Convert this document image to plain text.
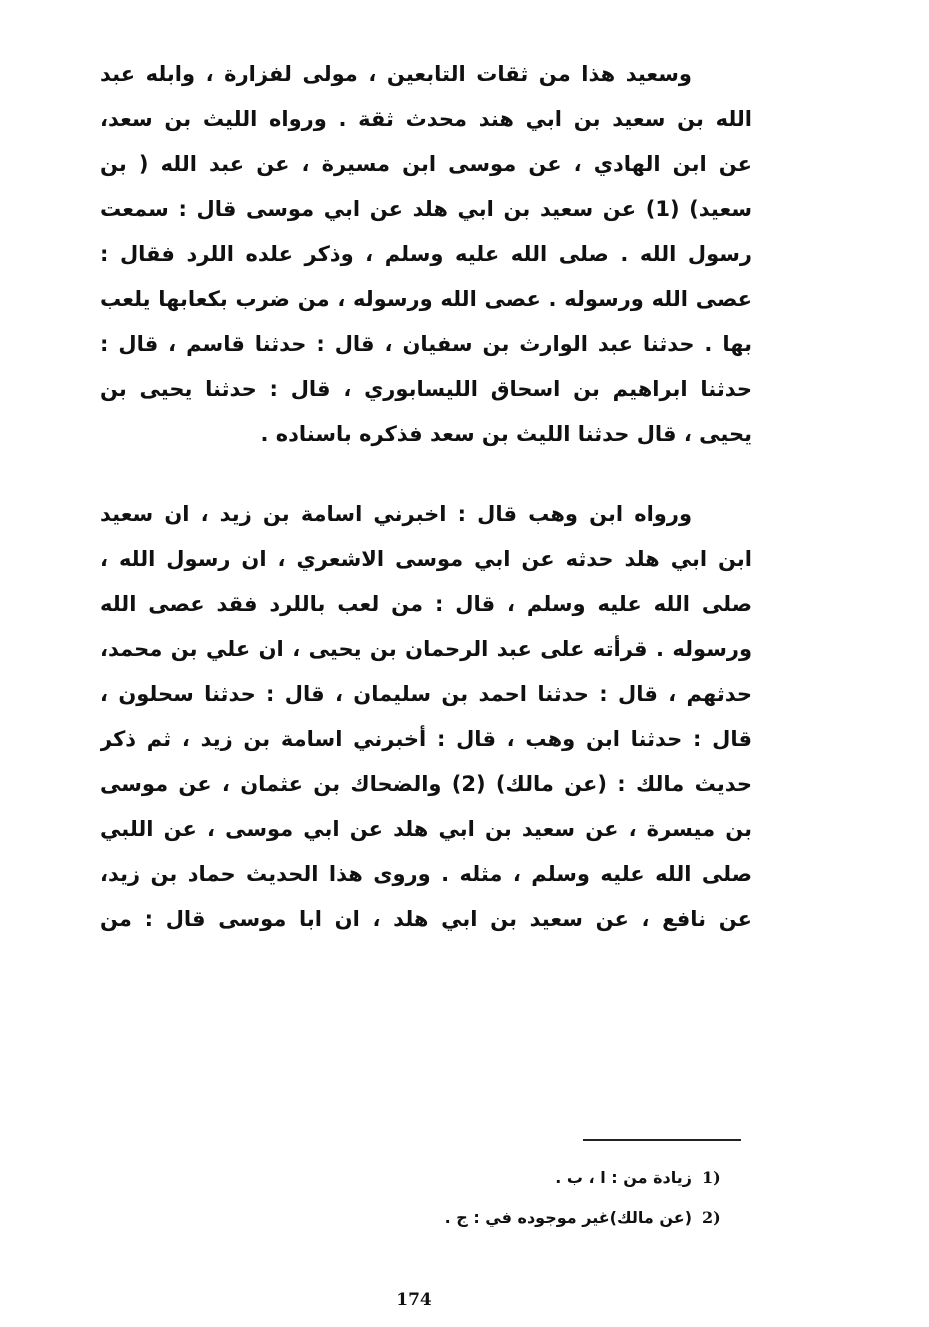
وسعيد هذا من ثقات التابعين ، مولى لفزارة ، وابله عبد
الله بن سعيد بن ابي هند محدث ثقة . ورواه الليث بن سعد،
عن ابن الهادي ، عن موسى ابن مسيرة ، عن عبد الله ( بن
سعيد) (1) عن سعيد بن ابي هلد عن ابي موسى قال : سمعت
رسول الله . صلى الله عليه وسلم ، وذكر علده اللرد فقال :
عصى الله ورسوله . عصى الله ورسوله ، من ضرب بكعابها يلعب
بها . حدثنا عبد الوارث بن سفيان ، قال : حدثنا قاسم ، قال :
حدثنا ابراهيم بن اسحاق الليسابوري ، قال : حدثنا يحيى بن
يحيى ، قال حدثنا الليث بن سعد فذكره باسناده .
ورواه ابن وهب قال : اخبرني اسامة بن زيد ، ان سعيد
ابن ابي هلد حدثه عن ابي موسى الاشعري ، ان رسول الله ،
صلى الله عليه وسلم ، قال : من لعب باللرد فقد عصى الله
ورسوله . قرأته على عبد الرحمان بن يحيى ، ان علي بن محمد،
حدثهم ، قال : حدثنا احمد بن سليمان ، قال : حدثنا سحلون ،
قال : حدثنا ابن وهب ، قال : أخبرني اسامة بن زيد ، ثم ذكر
حديث مالك : (عن مالك) (2) والضحاك بن عثمان ، عن موسى
بن ميسرة ، عن سعيد بن ابي هلد عن ابي موسى ، عن اللبي
صلى الله عليه وسلم ، مثله . وروى هذا الحديث حماد بن زيد،
عن نافع ، عن سعيد بن ابي هلد ، ان ابا موسى قال : من
1)
زيادة من : ا ، ب .
2)
(عن مالك)غير موجوده في : ج .
174
